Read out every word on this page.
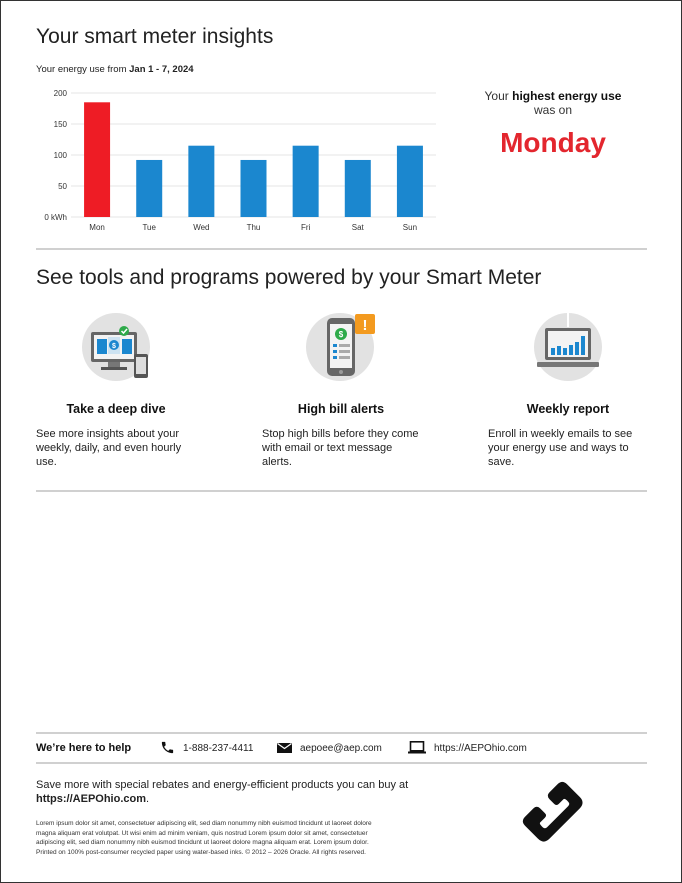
Your smart meter insights
Your energy use from Jan 1 - 7, 2024
0 kWh
50
100
150
200
Mon	Tue	Wed	Thu	Fri	Sat	Sun
Your highest energy use
was on
Monday
See tools and programs powered by your Smart Meter
$
Take a deep dive
See more insights about your
weekly, daily, and even hourly
use.
$
!
High bill alerts
Stop high bills before they come
with email or text message
alerts.
Weekly report
Enroll in weekly emails to see
your energy use and ways to
save.
We’re here to help	1-888-237-4411	aepoee@aep.com	https://AEPOhio.com
Save more with special rebates and energy-efficient products you can buy at
https://AEPOhio.com.
Lorem ipsum dolor sit amet, consectetuer adipiscing elit, sed diam nonummy nibh euismod tincidunt ut laoreet dolore
magna aliquam erat volutpat. Ut wisi enim ad minim veniam, quis nostrud Lorem ipsum dolor sit amet, consectetuer
adipiscing elit, sed diam nonummy nibh euismod tincidunt ut laoreet dolore magna aliquam erat. Lorem ipsum dolor.
Printed on 100% post-consumer recycled paper using water-based inks. © 2012 – 2026 Oracle. All rights reserved.
